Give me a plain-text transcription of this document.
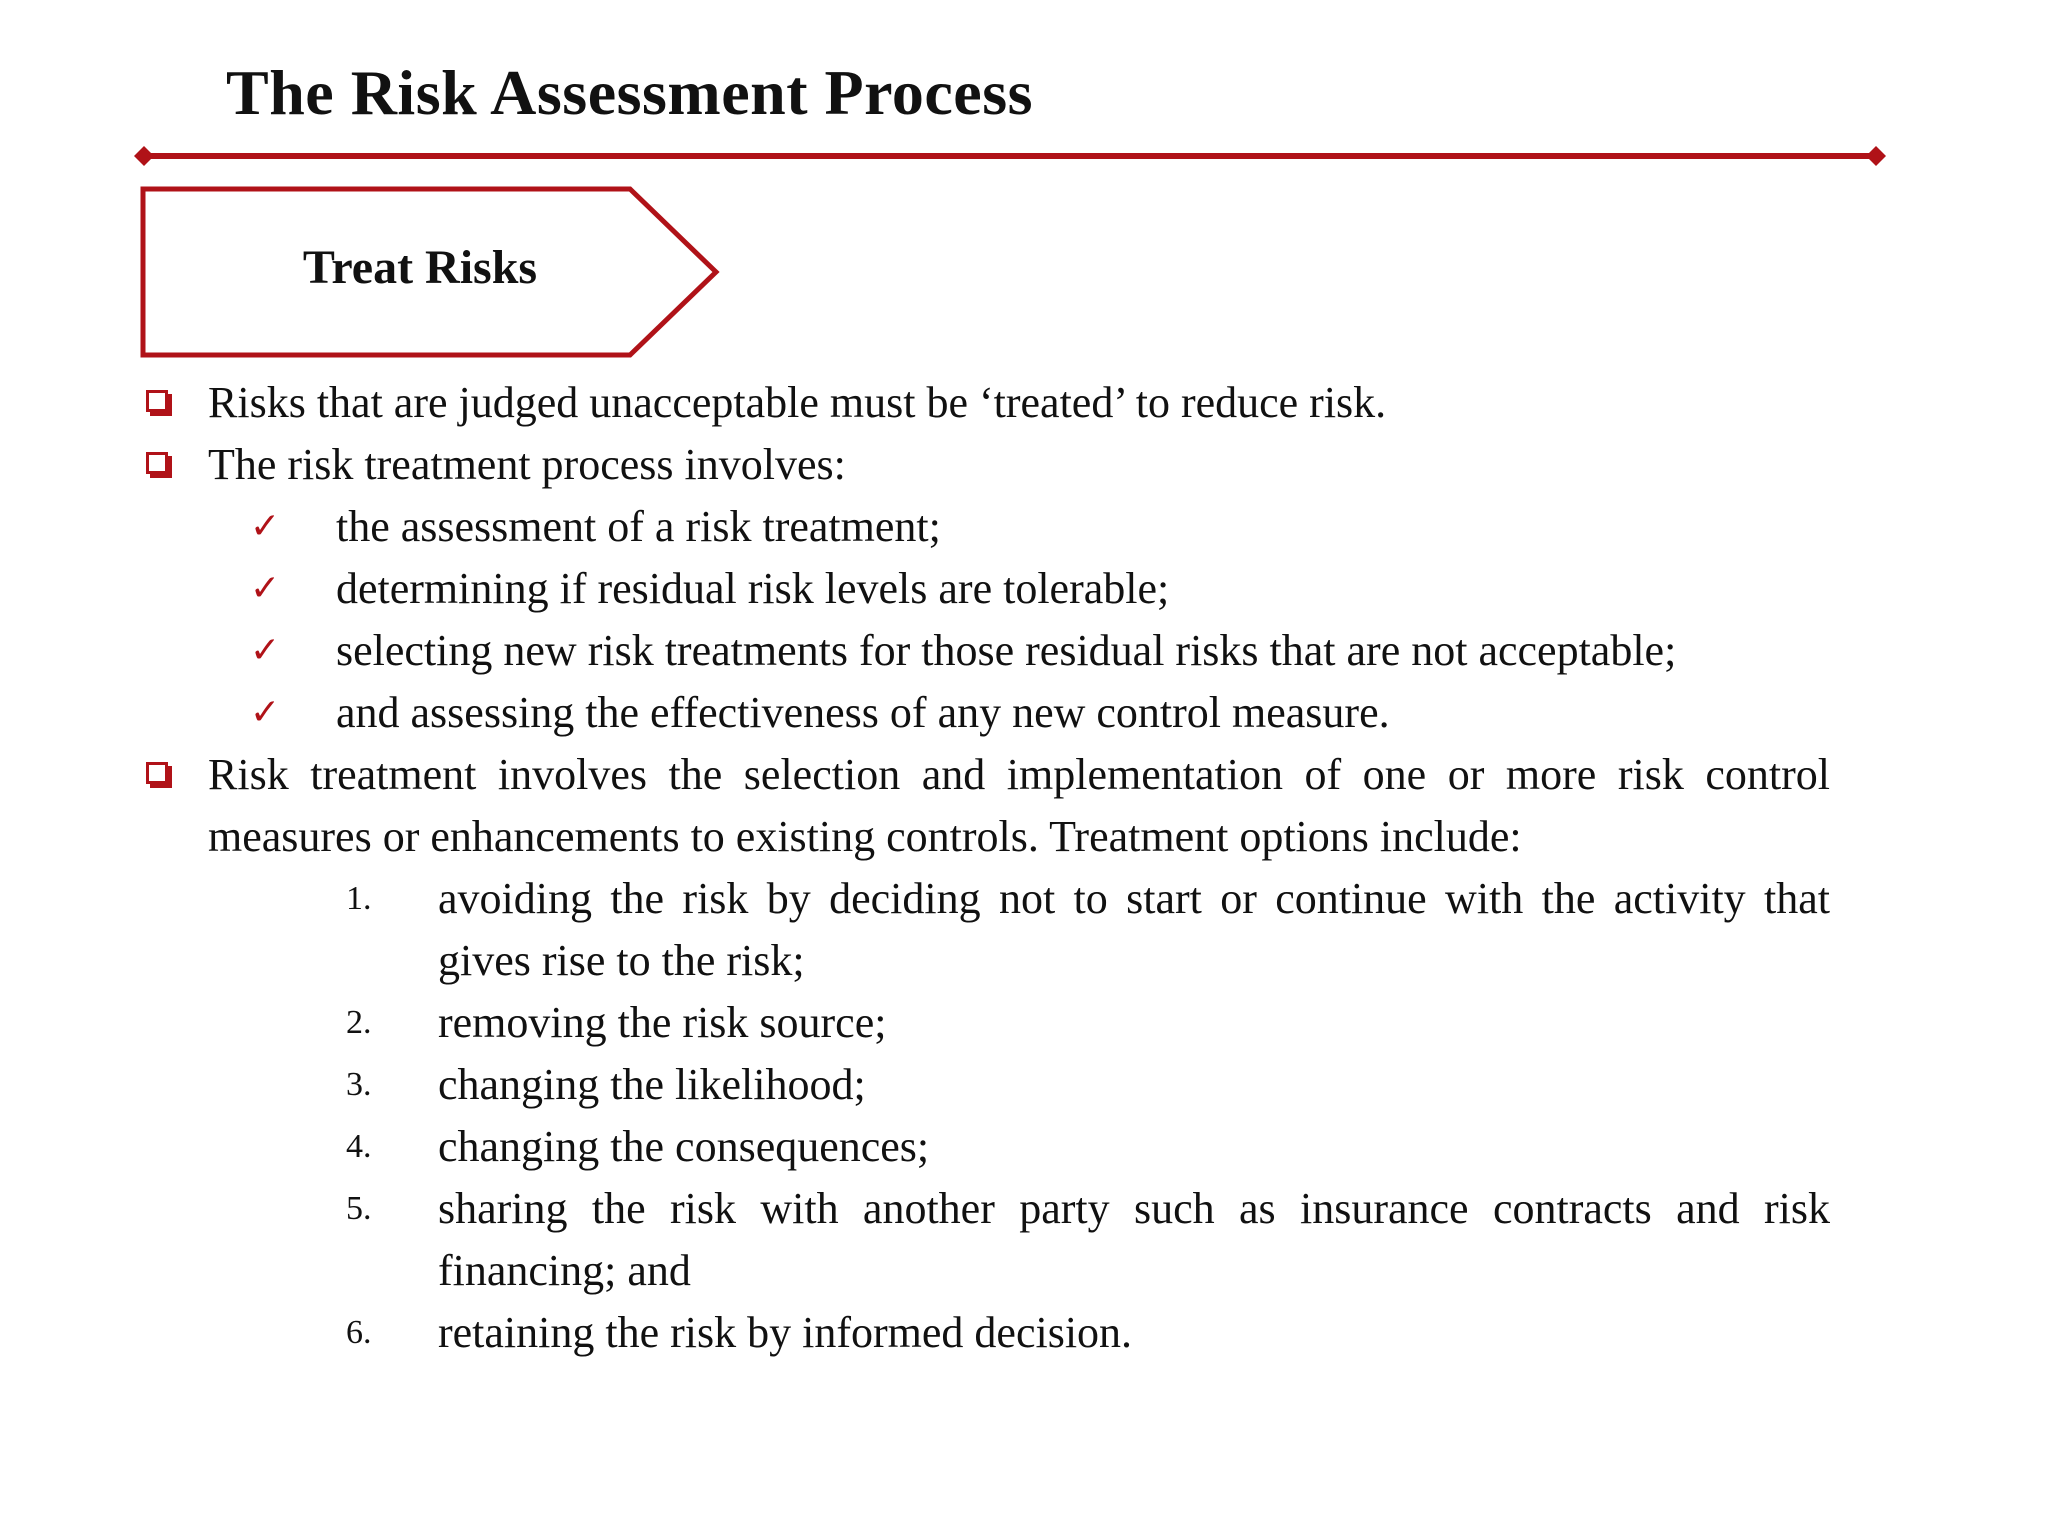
The Risk Assessment Process
Treat Risks
Risks that are judged unacceptable must be ‘treated’ to reduce risk.
The risk treatment process involves:
✓ the assessment of a risk treatment;
✓ determining if residual risk levels are tolerable;
✓ selecting new risk treatments for those residual risks that are not acceptable;
✓ and assessing the effectiveness of any new control measure.
Risk treatment involves the selection and implementation of one or more risk control measures or enhancements to existing controls. Treatment options include:
1. avoiding the risk by deciding not to start or continue with the activity that gives rise to the risk;
2. removing the risk source;
3. changing the likelihood;
4. changing the consequences;
5. sharing the risk with another party such as insurance contracts and risk financing; and
6. retaining the risk by informed decision.
